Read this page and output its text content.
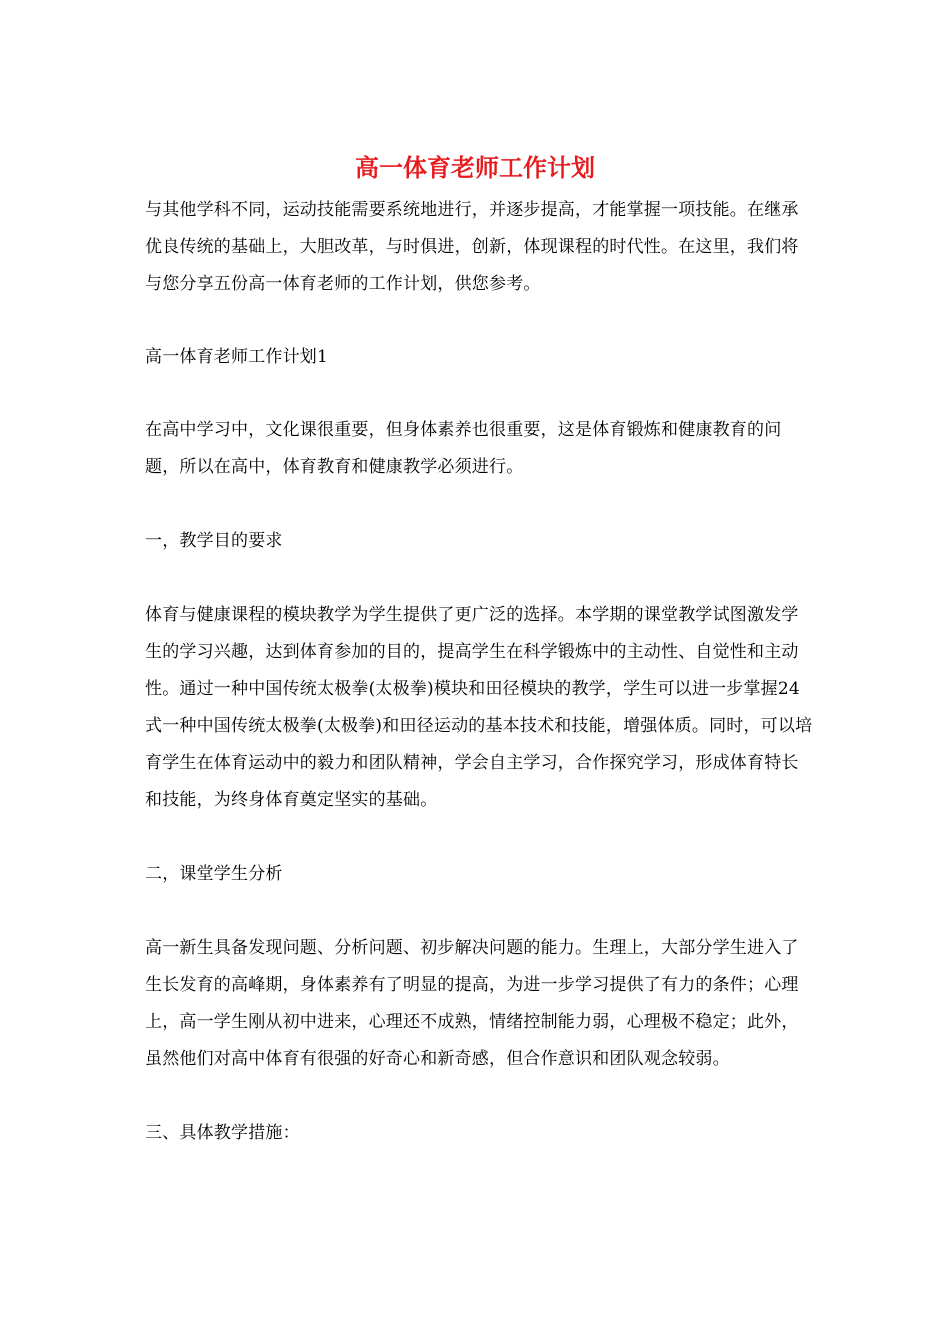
高一体育老师工作计划

与其他学科不同，运动技能需要系统地进行，并逐步提高，才能掌握一项技能。在继承优良传统的基础上，大胆改革，与时俱进，创新，体现课程的时代性。在这里，我们将与您分享五份高一体育老师的工作计划，供您参考。

高一体育老师工作计划1

在高中学习中，文化课很重要，但身体素养也很重要，这是体育锻炼和健康教育的问题，所以在高中，体育教育和健康教学必须进行。

一，教学目的要求

体育与健康课程的模块教学为学生提供了更广泛的选择。本学期的课堂教学试图激发学生的学习兴趣，达到体育参加的目的，提高学生在科学锻炼中的主动性、自觉性和主动性。通过一种中国传统太极拳(太极拳)模块和田径模块的教学，学生可以进一步掌握24式一种中国传统太极拳(太极拳)和田径运动的基本技术和技能，增强体质。同时，可以培育学生在体育运动中的毅力和团队精神，学会自主学习，合作探究学习，形成体育特长和技能，为终身体育奠定坚实的基础。

二，课堂学生分析

高一新生具备发现问题、分析问题、初步解决问题的能力。生理上，大部分学生进入了生长发育的高峰期，身体素养有了明显的提高，为进一步学习提供了有力的条件；心理上，高一学生刚从初中进来，心理还不成熟，情绪控制能力弱，心理极不稳定；此外，虽然他们对高中体育有很强的好奇心和新奇感，但合作意识和团队观念较弱。

三、具体教学措施：
